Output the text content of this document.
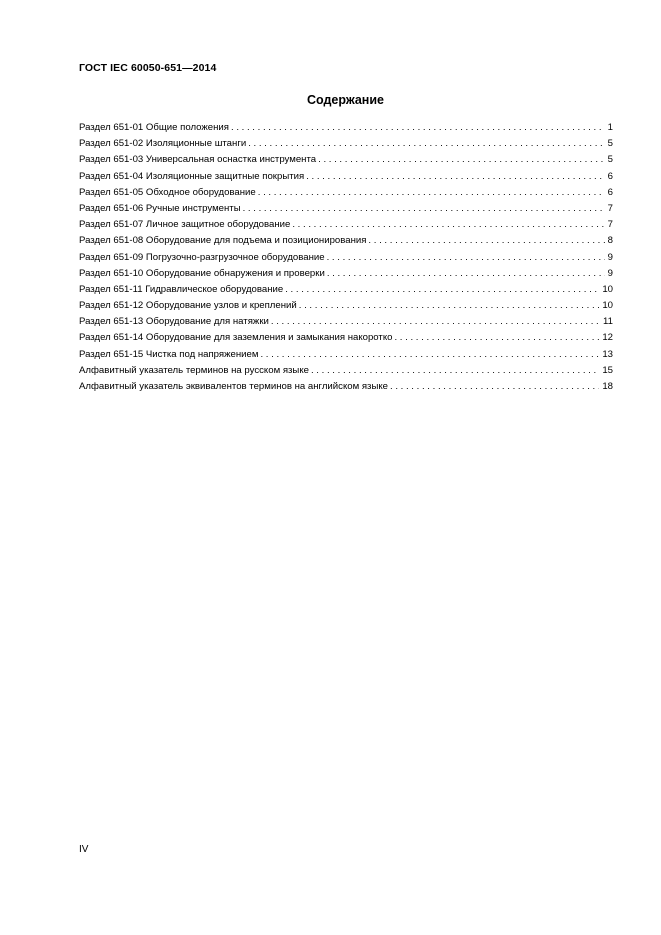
ГОСТ IEC 60050-651—2014
Содержание
Раздел 651-01 Общие положения . . .	1
Раздел 651-02 Изоляционные штанги . . .	5
Раздел 651-03 Универсальная оснастка инструмента . . .	5
Раздел 651-04 Изоляционные защитные покрытия . . .	6
Раздел 651-05 Обходное оборудование . . .	6
Раздел 651-06 Ручные инструменты . . .	7
Раздел 651-07 Личное защитное оборудование . . .	7
Раздел 651-08 Оборудование для подъема и позиционирования . . .	8
Раздел 651-09 Погрузочно-разгрузочное оборудование . . .	9
Раздел 651-10 Оборудование обнаружения и проверки . . .	9
Раздел 651-11 Гидравлическое оборудование . . .	10
Раздел 651-12 Оборудование узлов и креплений . . .	10
Раздел 651-13 Оборудование для натяжки . . .	11
Раздел 651-14 Оборудование для заземления и замыкания накоротко . . .	12
Раздел 651-15 Чистка под напряжением . . .	13
Алфавитный указатель терминов на русском языке . . .	15
Алфавитный указатель эквивалентов терминов на английском языке . . .	18
IV
